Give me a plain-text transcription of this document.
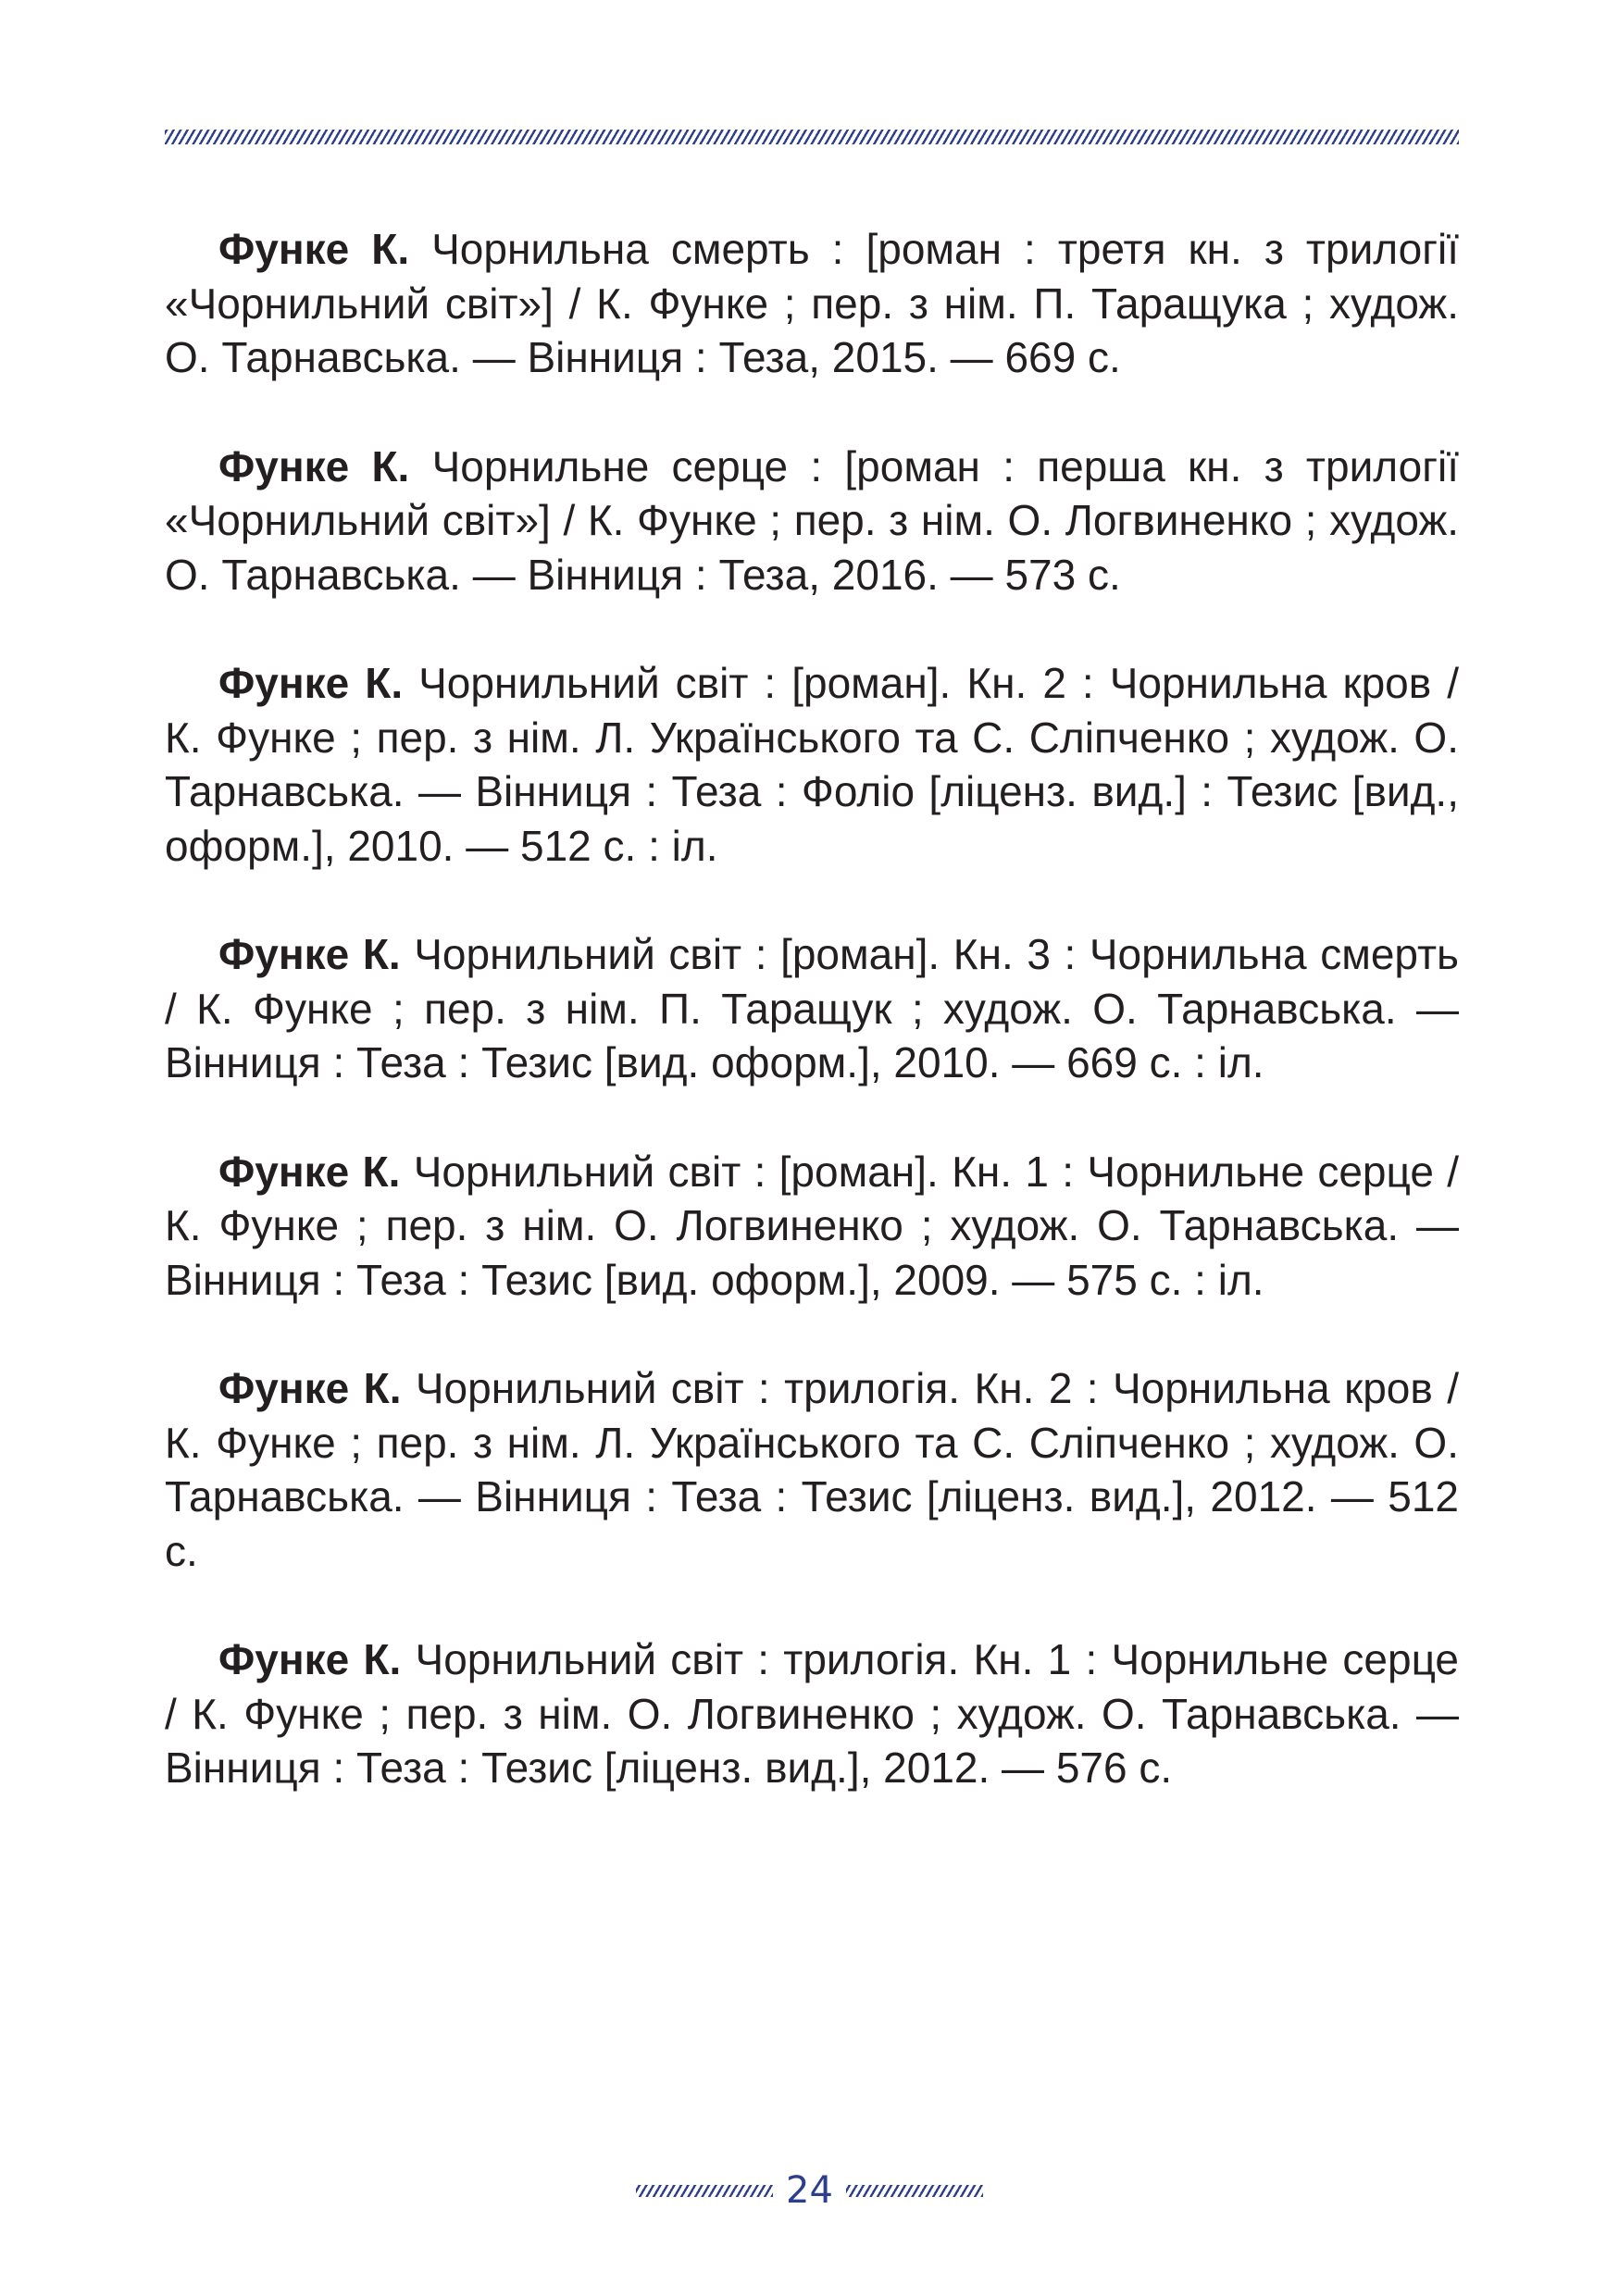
Функе К. Чорнильна смерть : [роман : третя кн. з трилогії «Чорнильний світ»] / К. Функе ; пер. з нім. П. Таращука ; худож. О. Тарнавська. — Вінниця : Теза, 2015. — 669 с.

Функе К. Чорнильне серце : [роман : перша кн. з трилогії «Чорнильний світ»] / К. Функе ; пер. з нім. О. Логвиненко ; худож. О. Тарнавська. — Вінниця : Теза, 2016. — 573 с.

Функе К. Чорнильний світ : [роман]. Кн. 2 : Чорнильна кров / К. Функе ; пер. з нім. Л. Українського та С. Сліпченко ; худож. О. Тарнавська. — Вінниця : Теза : Фоліо [ліценз. вид.] : Тезис [вид., оформ.], 2010. — 512 с. : іл.

Функе К. Чорнильний світ : [роман]. Кн. 3 : Чорнильна смерть / К. Функе ; пер. з нім. П. Таращук ; худож. О. Тарнавська. — Вінниця : Теза : Тезис [вид. оформ.], 2010. — 669 с. : іл.

Функе К. Чорнильний світ : [роман]. Кн. 1 : Чорнильне серце / К. Функе ; пер. з нім. О. Логвиненко ; худож. О. Тарнавська. — Вінниця : Теза : Тезис [вид. оформ.], 2009. — 575 с. : іл.

Функе К. Чорнильний світ : трилогія. Кн. 2 : Чорнильна кров / К. Функе ; пер. з нім. Л. Українського та С. Сліпченко ; худож. О. Тарнавська. — Вінниця : Теза : Тезис [ліценз. вид.], 2012. — 512 с.

Функе К. Чорнильний світ : трилогія. Кн. 1 : Чорнильне серце / К. Функе ; пер. з нім. О. Логвиненко ; худож. О. Тарнавська. — Вінниця : Теза : Тезис [ліценз. вид.], 2012. — 576 с.

24
